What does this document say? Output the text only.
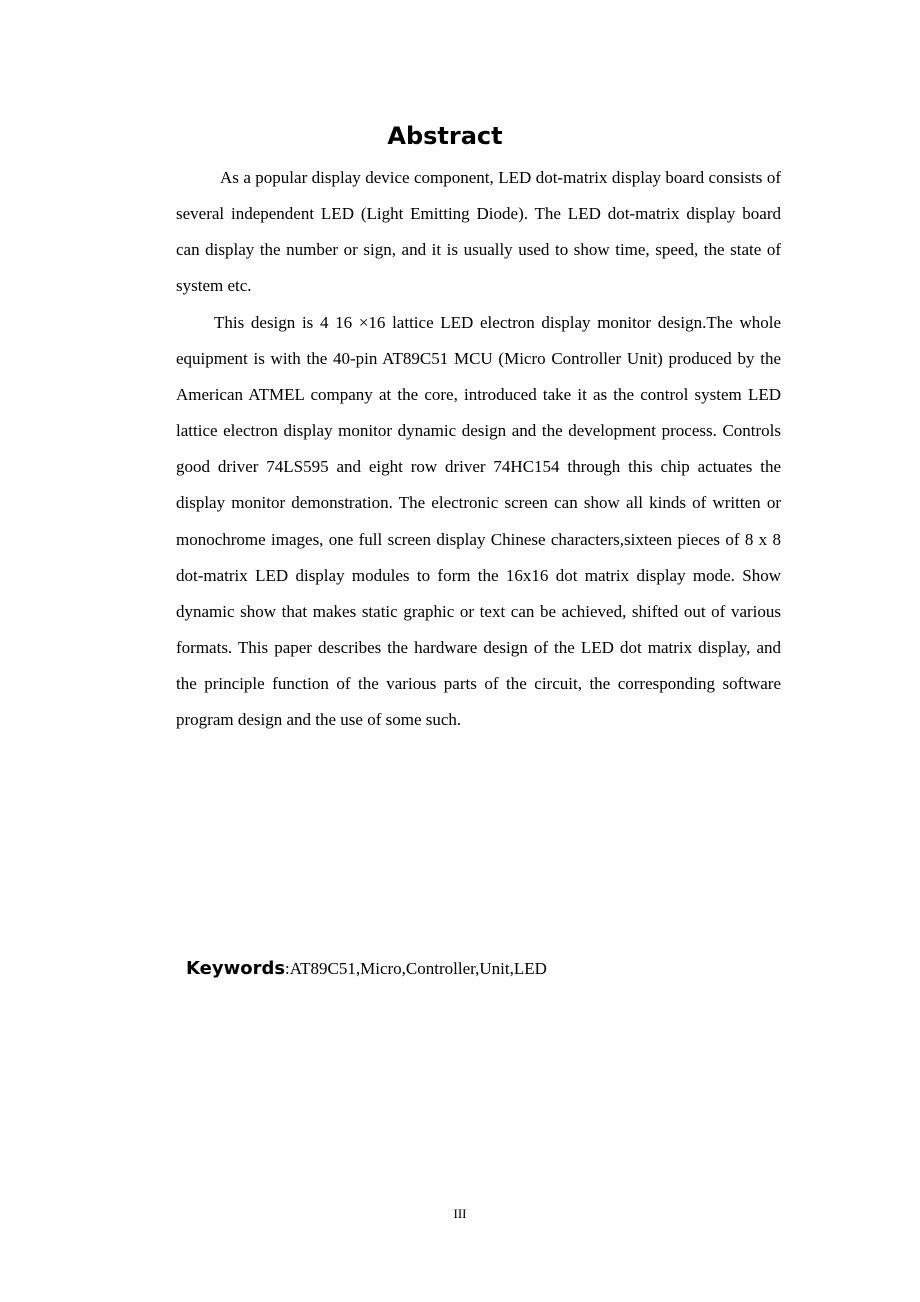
Abstract

As a popular display device component, LED dot-matrix display board consists of several independent LED (Light Emitting Diode). The LED dot-matrix display board can display the number or sign, and it is usually used to show time, speed, the state of system etc.

This design is 4 16 ×16 lattice LED electron display monitor design.The whole equipment is with the 40-pin AT89C51 MCU (Micro Controller Unit) produced by the American ATMEL company at the core, introduced take it as the control system LED lattice electron display monitor dynamic design and the development process. Controls good driver 74LS595 and eight row driver 74HC154 through this chip actuates the display monitor demonstration. The electronic screen can show all kinds of written or monochrome images, one full screen display Chinese characters,sixteen pieces of 8 x 8 dot-matrix LED display modules to form the 16x16 dot matrix display mode. Show dynamic show that makes static graphic or text can be achieved, shifted out of various formats. This paper describes the hardware design of the LED dot matrix display, and the principle function of the various parts of the circuit, the corresponding software program design and the use of some such.

Keywords:AT89C51,Micro,Controller,Unit,LED
III
